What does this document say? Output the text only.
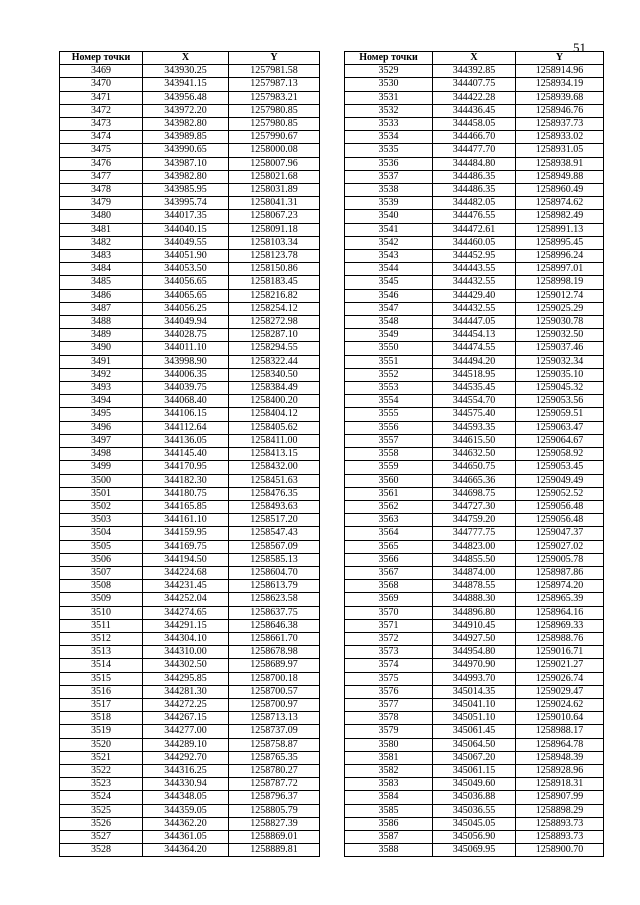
51
Номер точки	X	Y
3469	343930.25	1257981.58
3470	343941.15	1257987.13
3471	343956.48	1257983.21
3472	343972.20	1257980.85
3473	343982.80	1257980.85
3474	343989.85	1257990.67
3475	343990.65	1258000.08
3476	343987.10	1258007.96
3477	343982.80	1258021.68
3478	343985.95	1258031.89
3479	343995.74	1258041.31
3480	344017.35	1258067.23
3481	344040.15	1258091.18
3482	344049.55	1258103.34
3483	344051.90	1258123.78
3484	344053.50	1258150.86
3485	344056.65	1258183.45
3486	344065.65	1258216.82
3487	344056.25	1258254.12
3488	344049.94	1258272.98
3489	344028.75	1258287.10
3490	344011.10	1258294.55
3491	343998.90	1258322.44
3492	344006.35	1258340.50
3493	344039.75	1258384.49
3494	344068.40	1258400.20
3495	344106.15	1258404.12
3496	344112.64	1258405.62
3497	344136.05	1258411.00
3498	344145.40	1258413.15
3499	344170.95	1258432.00
3500	344182.30	1258451.63
3501	344180.75	1258476.35
3502	344165.85	1258493.63
3503	344161.10	1258517.20
3504	344159.95	1258547.43
3505	344169.75	1258567.09
3506	344194.50	1258585.13
3507	344224.68	1258604.70
3508	344231.45	1258613.79
3509	344252.04	1258623.58
3510	344274.65	1258637.75
3511	344291.15	1258646.38
3512	344304.10	1258661.70
3513	344310.00	1258678.98
3514	344302.50	1258689.97
3515	344295.85	1258700.18
3516	344281.30	1258700.57
3517	344272.25	1258700.97
3518	344267.15	1258713.13
3519	344277.00	1258737.09
3520	344289.10	1258758.87
3521	344292.70	1258765.35
3522	344316.25	1258780.27
3523	344330.94	1258787.72
3524	344348.05	1258796.37
3525	344359.05	1258805.79
3526	344362.20	1258827.39
3527	344361.05	1258869.01
3528	344364.20	1258889.81
Номер точки	X	Y
3529	344392.85	1258914.96
3530	344407.75	1258934.19
3531	344422.28	1258939.68
3532	344436.45	1258946.76
3533	344458.05	1258937.73
3534	344466.70	1258933.02
3535	344477.70	1258931.05
3536	344484.80	1258938.91
3537	344486.35	1258949.88
3538	344486.35	1258960.49
3539	344482.05	1258974.62
3540	344476.55	1258982.49
3541	344472.61	1258991.13
3542	344460.05	1258995.45
3543	344452.95	1258996.24
3544	344443.55	1258997.01
3545	344432.55	1258998.19
3546	344429.40	1259012.74
3547	344432.55	1259025.29
3548	344447.05	1259030.78
3549	344454.13	1259032.50
3550	344474.55	1259037.46
3551	344494.20	1259032.34
3552	344518.95	1259035.10
3553	344535.45	1259045.32
3554	344554.70	1259053.56
3555	344575.40	1259059.51
3556	344593.35	1259063.47
3557	344615.50	1259064.67
3558	344632.50	1259058.92
3559	344650.75	1259053.45
3560	344665.36	1259049.49
3561	344698.75	1259052.52
3562	344727.30	1259056.48
3563	344759.20	1259056.48
3564	344777.75	1259047.37
3565	344823.00	1259027.02
3566	344855.50	1259005.78
3567	344874.00	1258987.86
3568	344878.55	1258974.20
3569	344888.30	1258965.39
3570	344896.80	1258964.16
3571	344910.45	1258969.33
3572	344927.50	1258988.76
3573	344954.80	1259016.71
3574	344970.90	1259021.27
3575	344993.70	1259026.74
3576	345014.35	1259029.47
3577	345041.10	1259024.62
3578	345051.10	1259010.64
3579	345061.45	1258988.17
3580	345064.50	1258964.78
3581	345067.20	1258948.39
3582	345061.15	1258928.96
3583	345049.60	1258918.31
3584	345036.88	1258907.99
3585	345036.55	1258898.29
3586	345045.05	1258893.73
3587	345056.90	1258893.73
3588	345069.95	1258900.70
